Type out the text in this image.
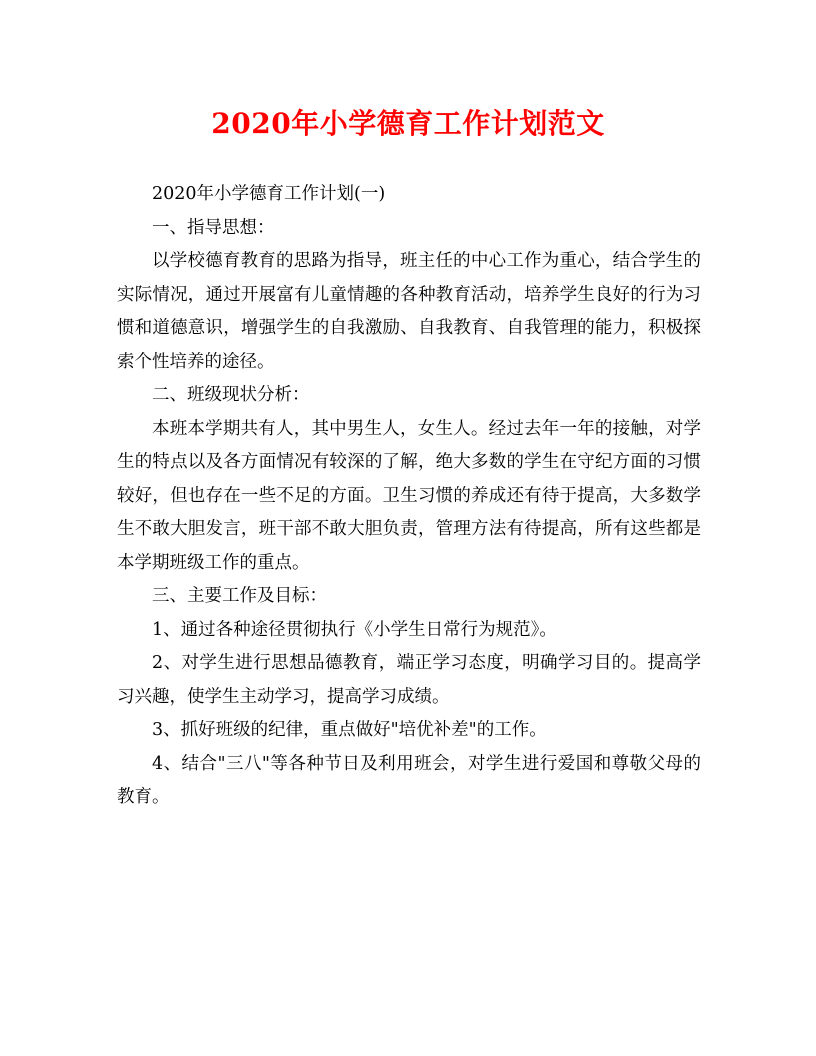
2020年小学德育工作计划范文

2020年小学德育工作计划(一)

一、指导思想：

以学校德育教育的思路为指导，班主任的中心工作为重心，结合学生的实际情况，通过开展富有儿童情趣的各种教育活动，培养学生良好的行为习惯和道德意识，增强学生的自我激励、自我教育、自我管理的能力，积极探索个性培养的途径。

二、班级现状分析：

本班本学期共有人，其中男生人，女生人。经过去年一年的接触，对学生的特点以及各方面情况有较深的了解，绝大多数的学生在守纪方面的习惯较好，但也存在一些不足的方面。卫生习惯的养成还有待于提高，大多数学生不敢大胆发言，班干部不敢大胆负责，管理方法有待提高，所有这些都是本学期班级工作的重点。

三、主要工作及目标：

1、通过各种途径贯彻执行《小学生日常行为规范》。

2、对学生进行思想品德教育，端正学习态度，明确学习目的。提高学习兴趣，使学生主动学习，提高学习成绩。

3、抓好班级的纪律，重点做好"培优补差"的工作。

4、结合"三八"等各种节日及利用班会，对学生进行爱国和尊敬父母的教育。
